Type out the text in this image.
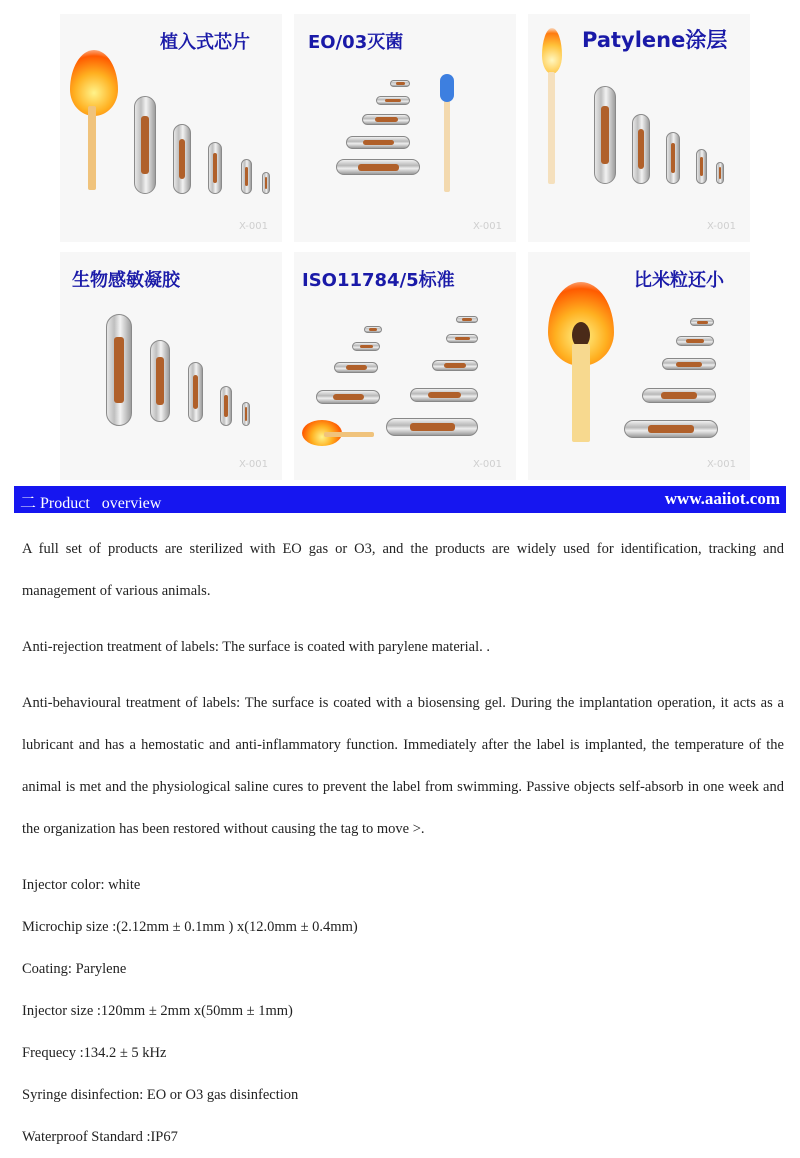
植入式芯片
X-001
EO/03灭菌
X-001
Patylene涂层
X-001
生物感敏凝胶
X-001
ISO11784/5标准
X-001
比米粒还小
X-001
二 Product   overview	www.aaiiot.com

A full set of products are sterilized with EO gas or O3, and the products are widely used for identification, tracking and management of various animals.

Anti-rejection treatment of labels: The surface is coated with parylene material. .

Anti-behavioural treatment of labels: The surface is coated with a biosensing gel. During the implantation operation, it acts as a lubricant and has a hemostatic and anti-inflammatory function. Immediately after the label is implanted, the temperature of the animal is met and the physiological saline cures to prevent the label from swimming. Passive objects self-absorb in one week and the organization has been restored without causing the tag to move >.

Injector color: white

Microchip size :(2.12mm ± 0.1mm ) x(12.0mm ± 0.4mm)

Coating: Parylene

Injector size :120mm ± 2mm x(50mm ± 1mm)

Frequecy :134.2 ± 5 kHz

Syringe disinfection: EO or O3 gas disinfection

Waterproof Standard :IP67
